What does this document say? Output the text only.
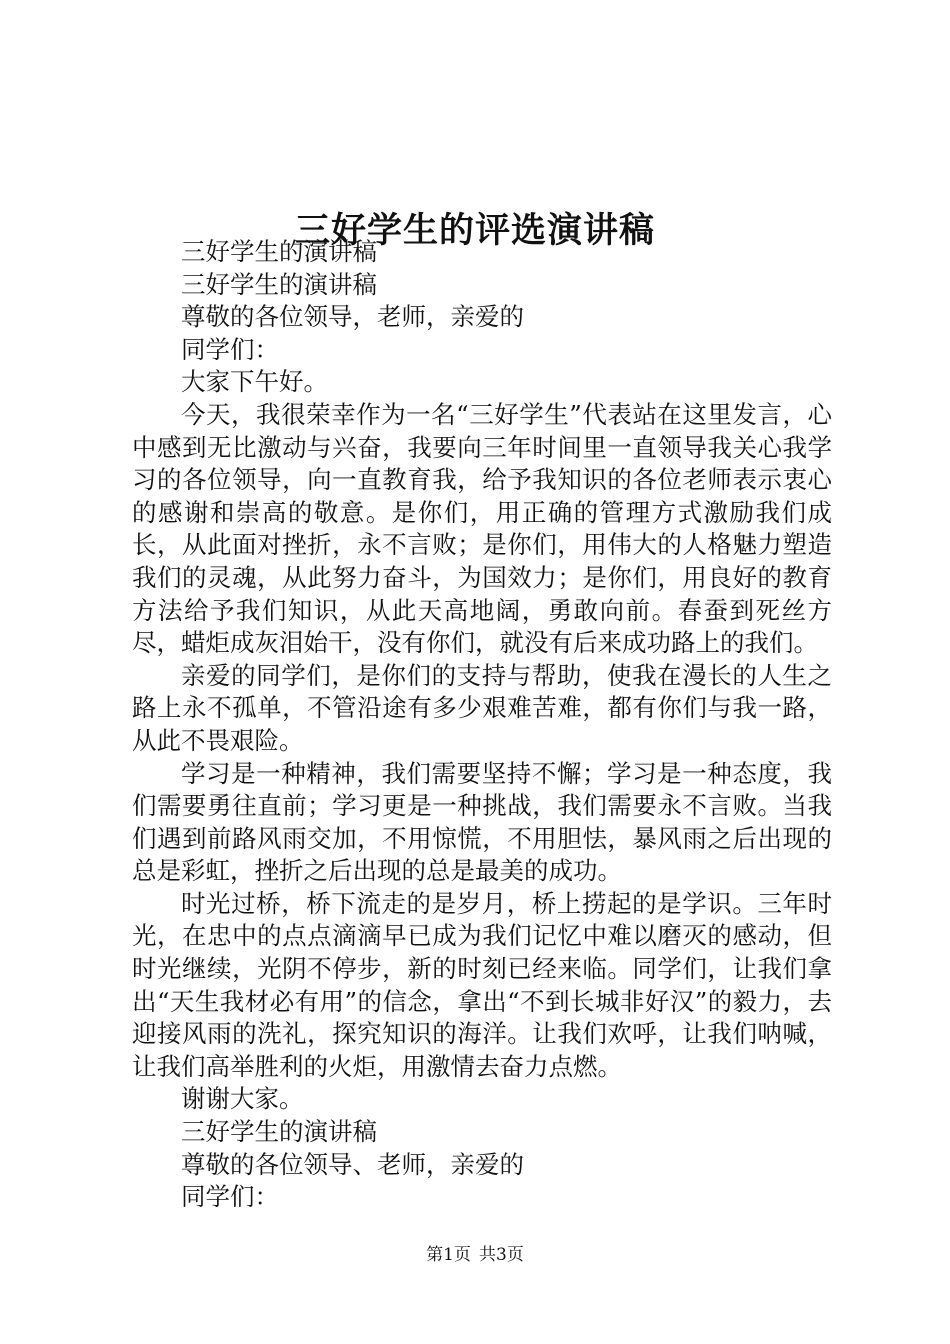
三好学生的评选演讲稿

三好学生的演讲稿

三好学生的演讲稿

尊敬的各位领导，老师，亲爱的

同学们：

大家下午好。

今天，我很荣幸作为一名“三好学生”代表站在这里发言，心中感到无比激动与兴奋，我要向三年时间里一直领导我关心我学习的各位领导，向一直教育我，给予我知识的各位老师表示衷心的感谢和崇高的敬意。是你们，用正确的管理方式激励我们成长，从此面对挫折，永不言败；是你们，用伟大的人格魅力塑造我们的灵魂，从此努力奋斗，为国效力；是你们，用良好的教育方法给予我们知识，从此天高地阔，勇敢向前。春蚕到死丝方尽，蜡炬成灰泪始干，没有你们，就没有后来成功路上的我们。

亲爱的同学们，是你们的支持与帮助，使我在漫长的人生之路上永不孤单，不管沿途有多少艰难苦难，都有你们与我一路，从此不畏艰险。

学习是一种精神，我们需要坚持不懈；学习是一种态度，我们需要勇往直前；学习更是一种挑战，我们需要永不言败。当我们遇到前路风雨交加，不用惊慌，不用胆怯，暴风雨之后出现的总是彩虹，挫折之后出现的总是最美的成功。

时光过桥，桥下流走的是岁月，桥上捞起的是学识。三年时光，在忠中的点点滴滴早已成为我们记忆中难以磨灭的感动，但时光继续，光阴不停步，新的时刻已经来临。同学们，让我们拿出“天生我材必有用”的信念，拿出“不到长城非好汉”的毅力，去迎接风雨的洗礼，探究知识的海洋。让我们欢呼，让我们呐喊，让我们高举胜利的火炬，用激情去奋力点燃。

谢谢大家。

三好学生的演讲稿

尊敬的各位领导、老师，亲爱的

同学们：

第1页 共3页
